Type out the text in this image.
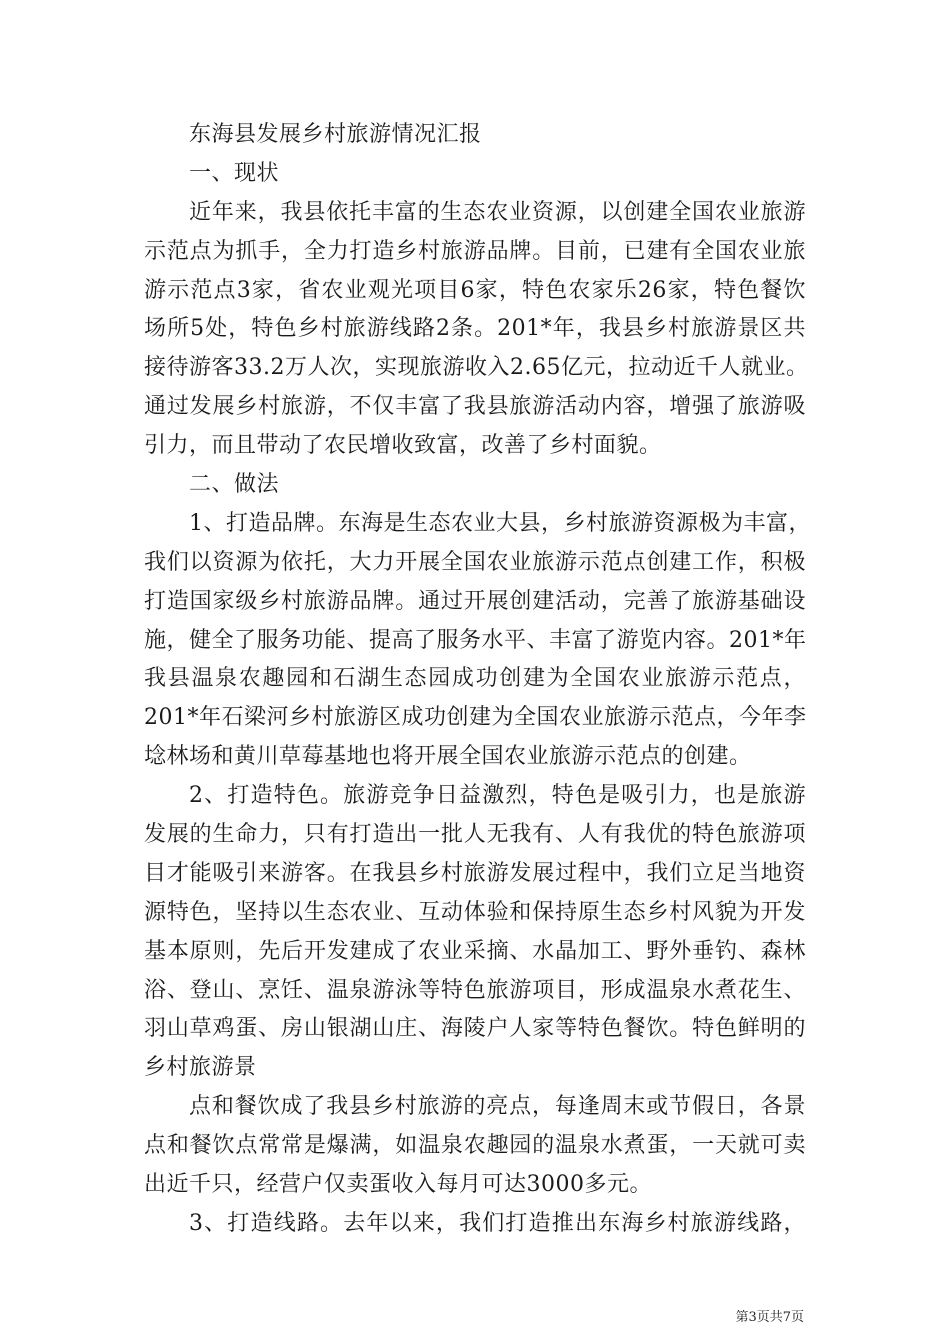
东海县发展乡村旅游情况汇报
一、现状
近年来，我县依托丰富的生态农业资源，以创建全国农业旅游
示范点为抓手，全力打造乡村旅游品牌。目前，已建有全国农业旅
游示范点3家，省农业观光项目6家，特色农家乐26家，特色餐饮
场所5处，特色乡村旅游线路2条。201*年，我县乡村旅游景区共
接待游客33.2万人次，实现旅游收入2.65亿元，拉动近千人就业。
通过发展乡村旅游，不仅丰富了我县旅游活动内容，增强了旅游吸
引力，而且带动了农民增收致富，改善了乡村面貌。
二、做法
1、打造品牌。东海是生态农业大县，乡村旅游资源极为丰富，
我们以资源为依托，大力开展全国农业旅游示范点创建工作，积极
打造国家级乡村旅游品牌。通过开展创建活动，完善了旅游基础设
施，健全了服务功能、提高了服务水平、丰富了游览内容。201*年
我县温泉农趣园和石湖生态园成功创建为全国农业旅游示范点，
201*年石梁河乡村旅游区成功创建为全国农业旅游示范点，今年李
埝林场和黄川草莓基地也将开展全国农业旅游示范点的创建。
2、打造特色。旅游竞争日益激烈，特色是吸引力，也是旅游
发展的生命力，只有打造出一批人无我有、人有我优的特色旅游项
目才能吸引来游客。在我县乡村旅游发展过程中，我们立足当地资
源特色，坚持以生态农业、互动体验和保持原生态乡村风貌为开发
基本原则，先后开发建成了农业采摘、水晶加工、野外垂钓、森林
浴、登山、烹饪、温泉游泳等特色旅游项目，形成温泉水煮花生、
羽山草鸡蛋、房山银湖山庄、海陵户人家等特色餐饮。特色鲜明的
乡村旅游景
点和餐饮成了我县乡村旅游的亮点，每逢周末或节假日，各景
点和餐饮点常常是爆满，如温泉农趣园的温泉水煮蛋，一天就可卖
出近千只，经营户仅卖蛋收入每月可达3000多元。
3、打造线路。去年以来，我们打造推出东海乡村旅游线路，
第3页共7页
